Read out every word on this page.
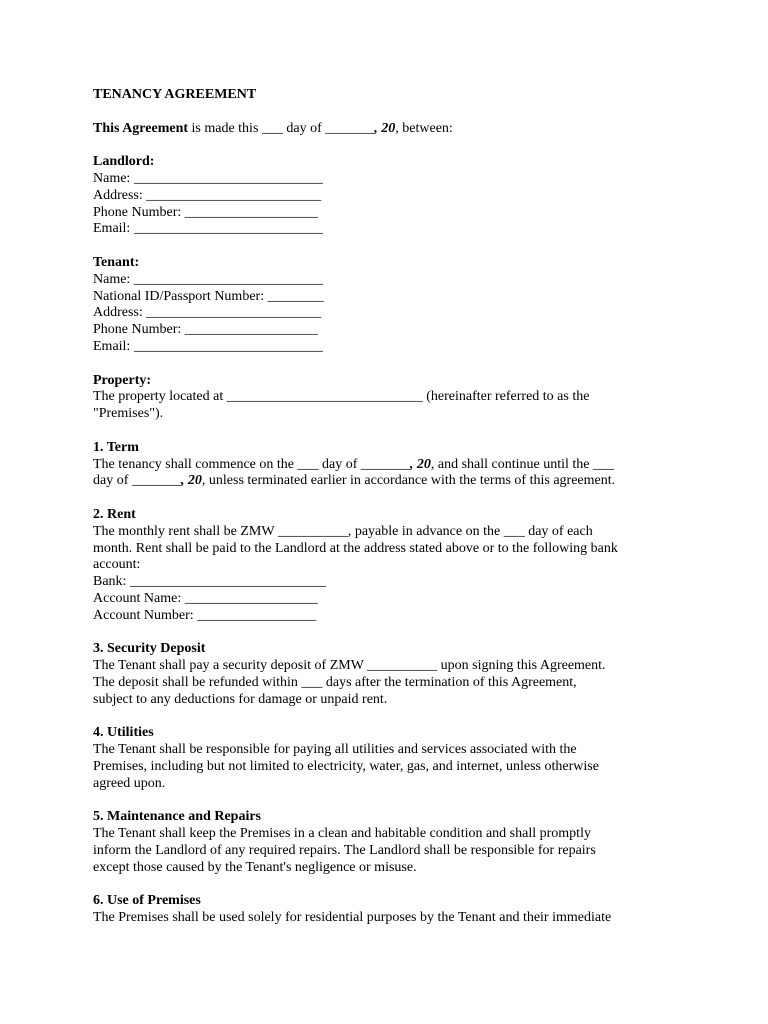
TENANCY AGREEMENT

This Agreement is made this ___ day of _______, 20, between:

Landlord:

Name: ___________________________

Address: _________________________

Phone Number: ___________________

Email: ___________________________

Tenant:

Name: ___________________________

National ID/Passport Number: ________

Address: _________________________

Phone Number: ___________________

Email: ___________________________

Property:

The property located at ____________________________ (hereinafter referred to as the

"Premises").

1. Term

The tenancy shall commence on the ___ day of _______, 20, and shall continue until the ___

day of _______, 20, unless terminated earlier in accordance with the terms of this agreement.

2. Rent

The monthly rent shall be ZMW __________, payable in advance on the ___ day of each

month. Rent shall be paid to the Landlord at the address stated above or to the following bank

account:

Bank: ____________________________

Account Name: ___________________

Account Number: _________________

3. Security Deposit

The Tenant shall pay a security deposit of ZMW __________ upon signing this Agreement.

The deposit shall be refunded within ___ days after the termination of this Agreement,

subject to any deductions for damage or unpaid rent.

4. Utilities

The Tenant shall be responsible for paying all utilities and services associated with the

Premises, including but not limited to electricity, water, gas, and internet, unless otherwise

agreed upon.

5. Maintenance and Repairs

The Tenant shall keep the Premises in a clean and habitable condition and shall promptly

inform the Landlord of any required repairs. The Landlord shall be responsible for repairs

except those caused by the Tenant's negligence or misuse.

6. Use of Premises

The Premises shall be used solely for residential purposes by the Tenant and their immediate
